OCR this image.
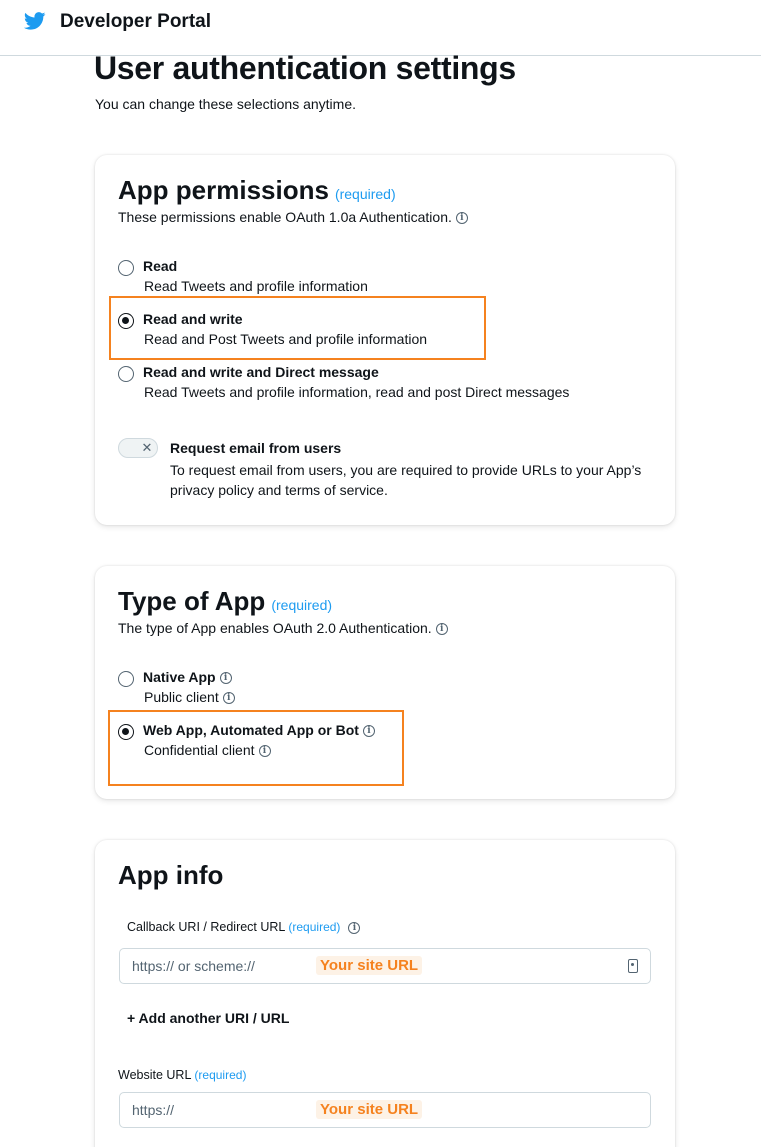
Developer Portal
User authentication settings

You can change these selections anytime.

App permissions (required)

These permissions enable OAuth 1.0a Authentication. i

Read
Read Tweets and profile information
Read and write
Read and Post Tweets and profile information
Read and write and Direct message
Read Tweets and profile information, read and post Direct messages
✕	Request email from users

To request email from users, you are required to provide URLs to your App’s privacy policy and terms of service.

Type of App (required)

The type of App enables OAuth 2.0 Authentication. i

Native App i
Public client i
Web App, Automated App or Bot i
Confidential client i
App info
Callback URI / Redirect URL (required) i
https:// or scheme://	Your site URL
+ Add another URI / URL
Website URL (required)
https://	Your site URL
